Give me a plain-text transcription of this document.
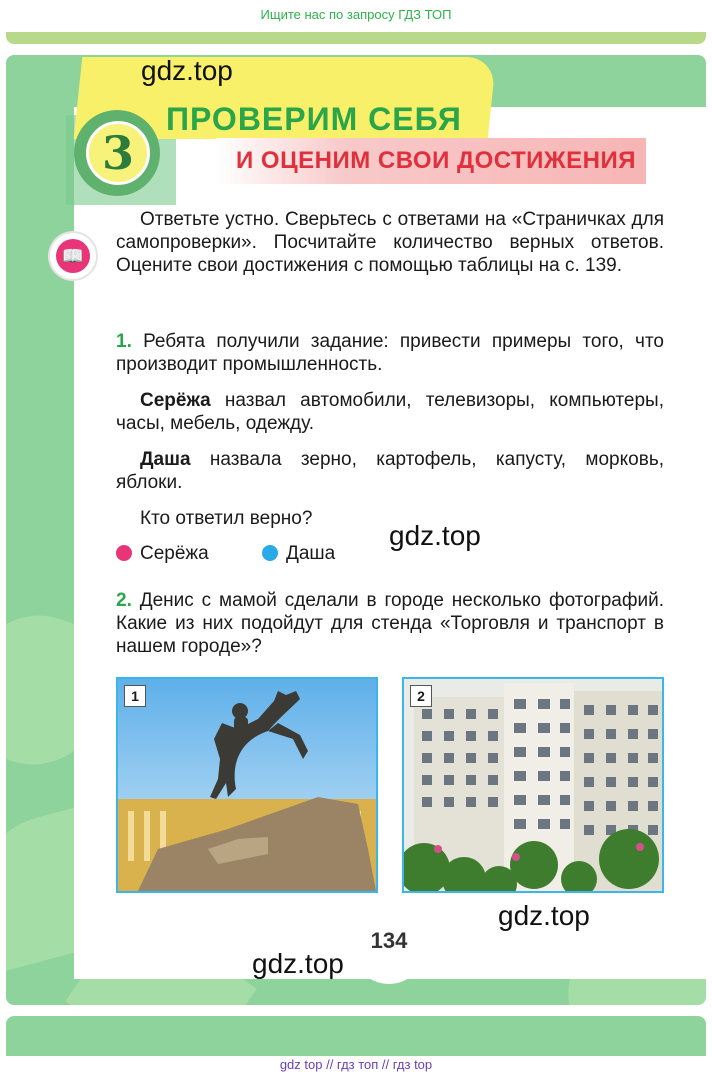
Ищите нас по запросу ГДЗ ТОП
3
ПРОВЕРИМ СЕБЯ
И ОЦЕНИМ СВОИ ДОСТИЖЕНИЯ
gdz.top
📖
Ответьте устно. Сверьтесь с ответами на «Страничках для самопроверки». Посчитайте количество верных ответов. Оцените свои достижения с помощью таблицы на с. 139.
1. Ребята получили задание: привести примеры того, что производит промышленность.
Серёжа назвал автомобили, телевизоры, компьютеры, часы, мебель, одежду.
Даша назвала зерно, картофель, капусту, морковь, яблоки.
Кто ответил верно?
Серёжа	Даша
gdz.top
2. Денис с мамой сделали в городе несколько фотографий. Какие из них подойдут для стенда «Торговля и транспорт в нашем городе»?
1	2
gdz.top
134
gdz.top
gdz top // гдз топ // гдз top
